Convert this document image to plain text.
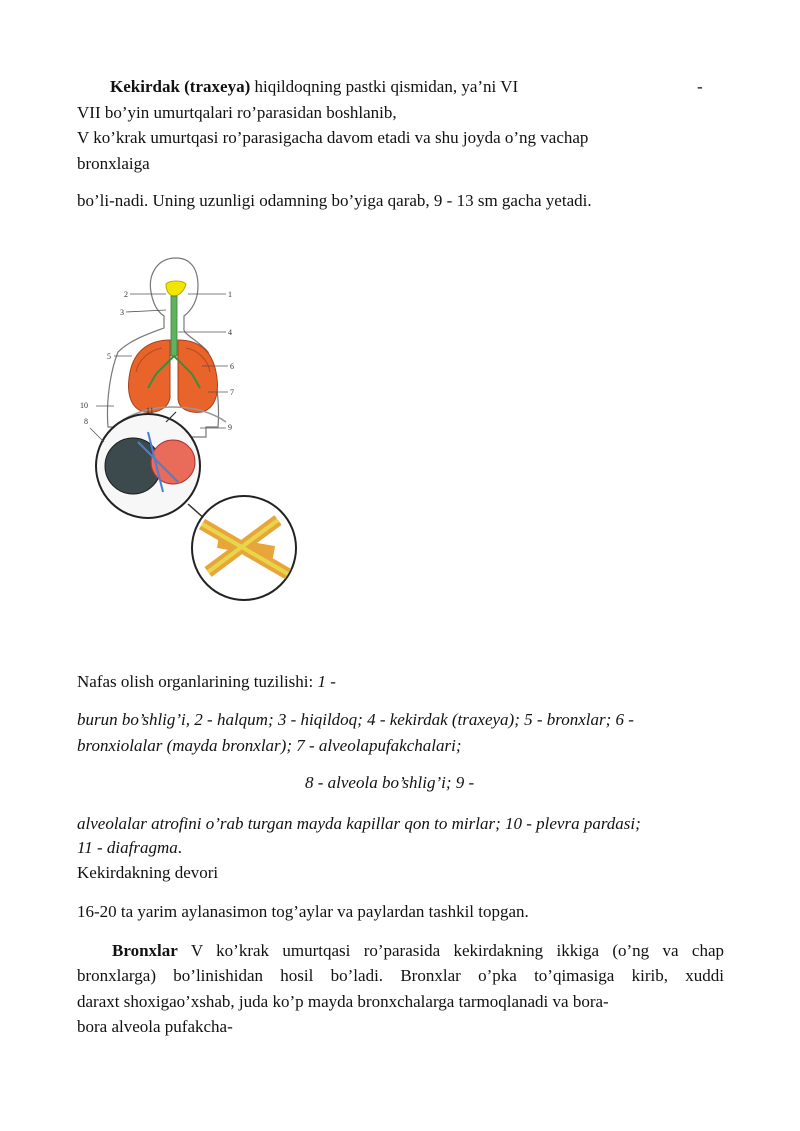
Kekirdak (traxeya) hiqildoqning pastki qismidan, ya’ni VI	-
VII bo’yin umurtqalari ro’parasidan boshlanib,
V ko’krak umurtqasi ro’parasigacha davom etadi va shu joyda o’ng vachap
bronxlaiga
bo’li-nadi. Uning uzunligi odamning bo’yiga qarab, 9 - 13 sm gacha yetadi.
1
2
3
4
5
6
7
8
9
10
11
Nafas olish organlarining tuzilishi: 1 -
burun bo’shlig’i, 2 - halqum; 3 - hiqildoq; 4 - kekirdak (traxeya); 5 - bronxlar; 6 -
bronxiolalar (mayda bronxlar); 7 - alveolapufakchalari;
8 - alveola bo’shlig’i; 9 -
alveolalar atrofini o’rab turgan mayda kapillar qon to mirlar; 10 - plevra pardasi;
11 - diafragma.
Kekirdakning devori
16-20 ta yarim aylanasimon tog’aylar va paylardan tashkil topgan.
Bronxlar V ko’krak umurtqasi ro’parasida kekirdakning ikkiga (o’ng va chap
bronxlarga) bo’linishidan hosil bo’ladi. Bronxlar o’pka to’qimasiga kirib, xuddi
daraxt shoxigao’xshab, juda ko’p mayda bronxchalarga tarmoqlanadi va bora-
bora alveola pufakcha-
